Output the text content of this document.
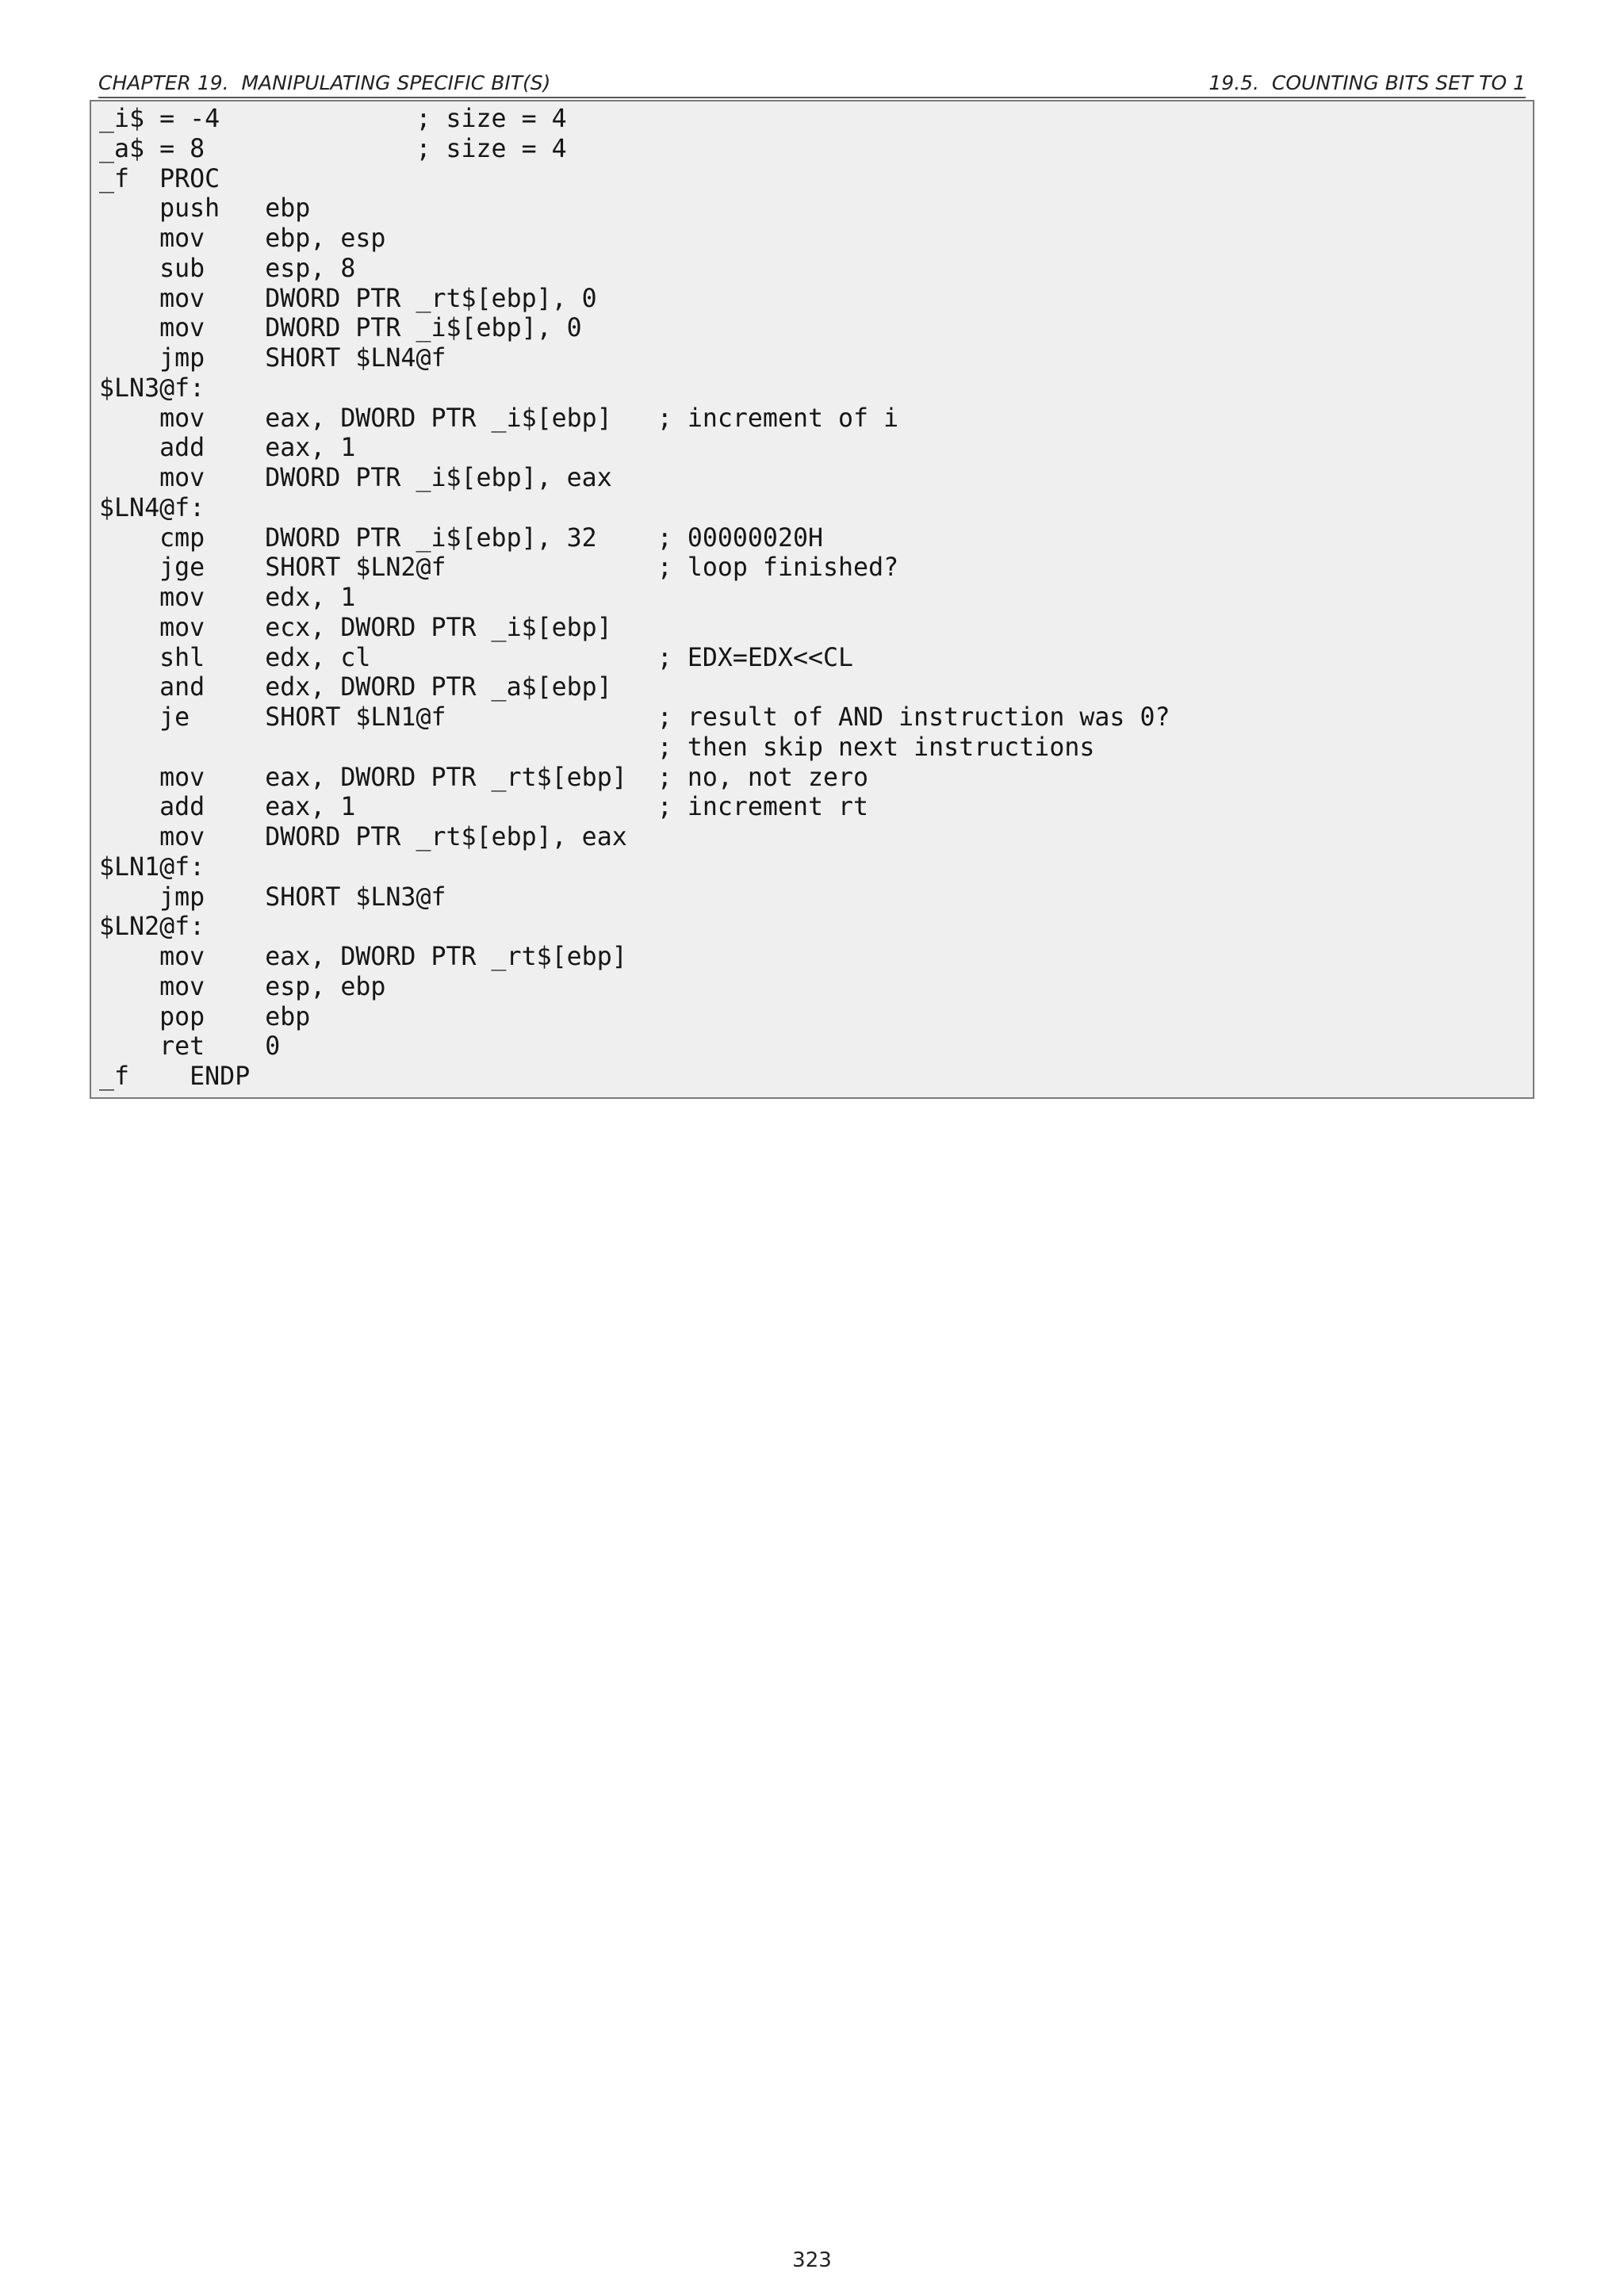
CHAPTER 19.  MANIPULATING SPECIFIC BIT(S)	19.5.  COUNTING BITS SET TO 1
_i$ = -4             ; size = 4
_a$ = 8              ; size = 4
_f  PROC
push   ebp
mov    ebp, esp
sub    esp, 8
mov    DWORD PTR _rt$[ebp], 0
mov    DWORD PTR _i$[ebp], 0
jmp    SHORT $LN4@f
$LN3@f:
mov    eax, DWORD PTR _i$[ebp]   ; increment of i
add    eax, 1
mov    DWORD PTR _i$[ebp], eax
$LN4@f:
cmp    DWORD PTR _i$[ebp], 32    ; 00000020H
jge    SHORT $LN2@f              ; loop finished?
mov    edx, 1
mov    ecx, DWORD PTR _i$[ebp]
shl    edx, cl                   ; EDX=EDX<<CL
and    edx, DWORD PTR _a$[ebp]
je     SHORT $LN1@f              ; result of AND instruction was 0?
; then skip next instructions
mov    eax, DWORD PTR _rt$[ebp]  ; no, not zero
add    eax, 1                    ; increment rt
mov    DWORD PTR _rt$[ebp], eax
$LN1@f:
jmp    SHORT $LN3@f
$LN2@f:
mov    eax, DWORD PTR _rt$[ebp]
mov    esp, ebp
pop    ebp
ret    0
_f    ENDP
323
